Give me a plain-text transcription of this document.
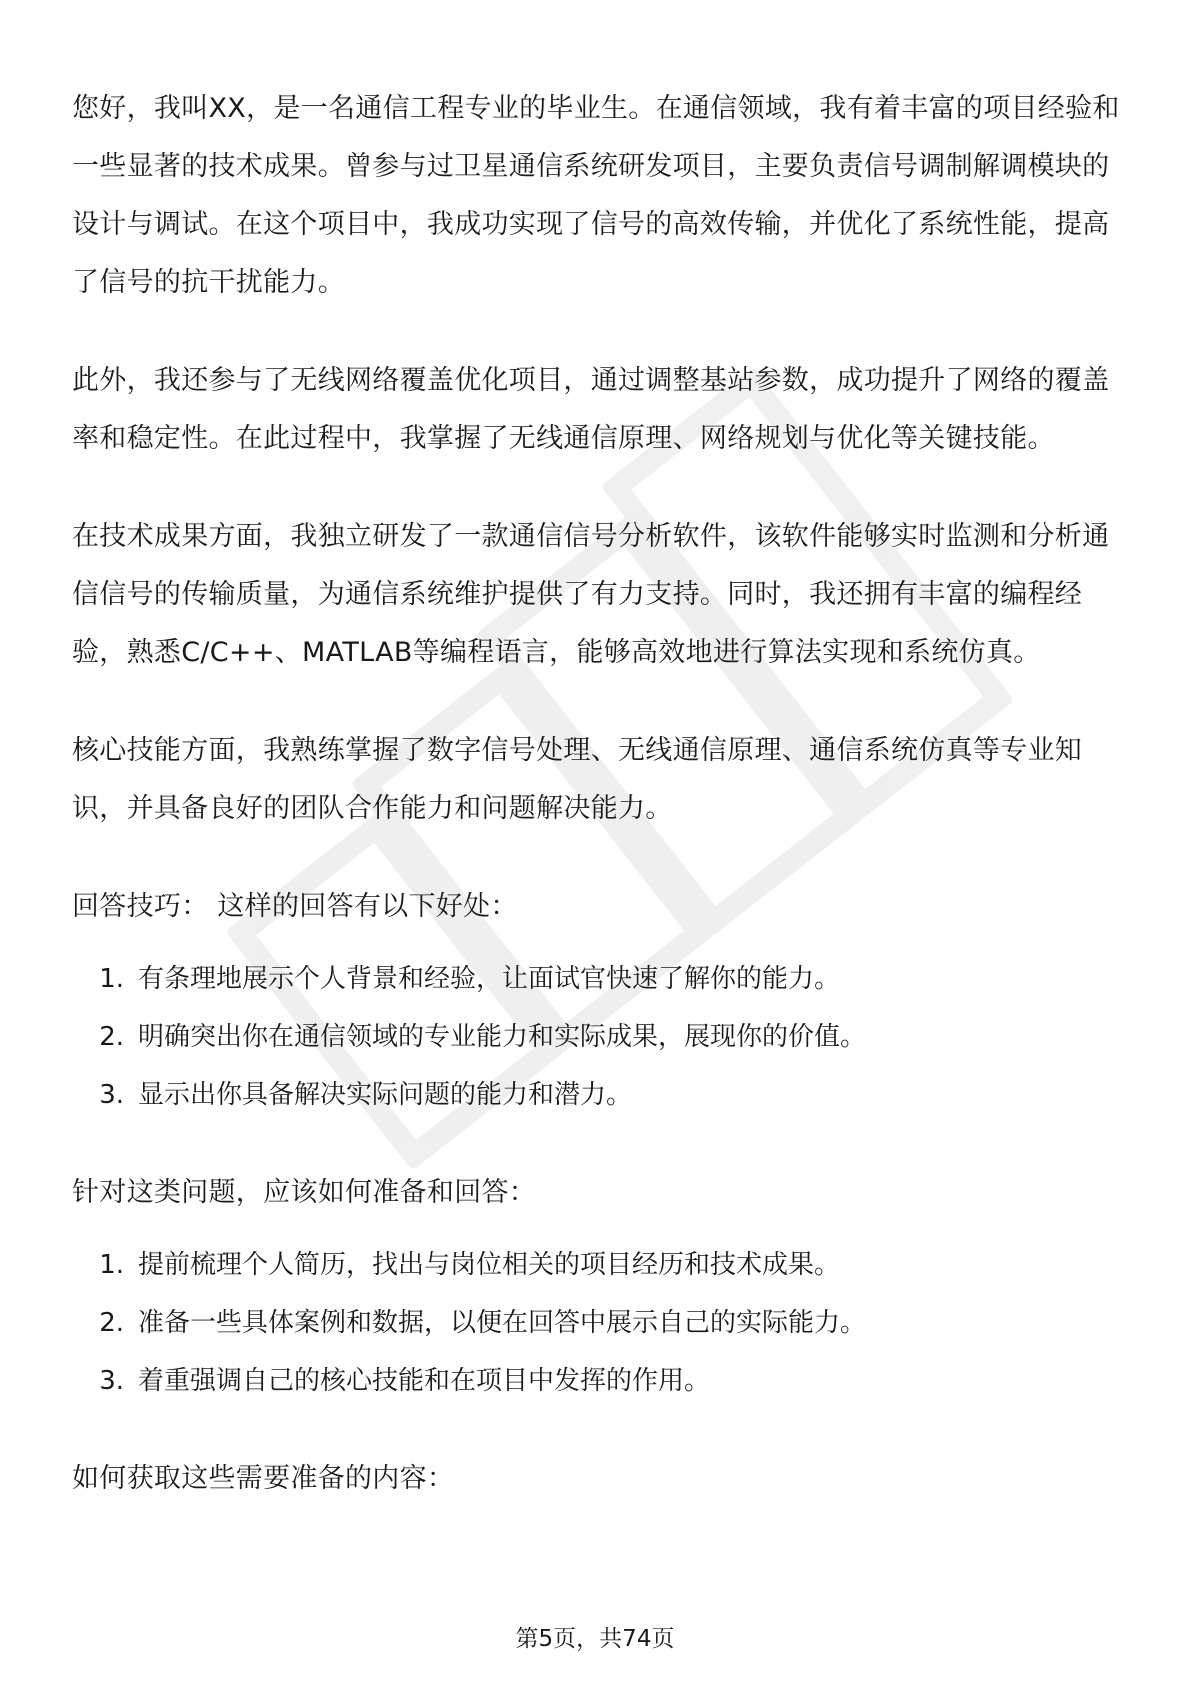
您好，我叫XX，是一名通信工程专业的毕业生。在通信领域，我有着丰富的项目经验和一些显著的技术成果。曾参与过卫星通信系统研发项目，主要负责信号调制解调模块的设计与调试。在这个项目中，我成功实现了信号的高效传输，并优化了系统性能，提高了信号的抗干扰能力。

此外，我还参与了无线网络覆盖优化项目，通过调整基站参数，成功提升了网络的覆盖率和稳定性。在此过程中，我掌握了无线通信原理、网络规划与优化等关键技能。

在技术成果方面，我独立研发了一款通信信号分析软件，该软件能够实时监测和分析通信信号的传输质量，为通信系统维护提供了有力支持。同时，我还拥有丰富的编程经验，熟悉C/C++、MATLAB等编程语言，能够高效地进行算法实现和系统仿真。

核心技能方面，我熟练掌握了数字信号处理、无线通信原理、通信系统仿真等专业知识，并具备良好的团队合作能力和问题解决能力。

回答技巧： 这样的回答有以下好处：

1. 有条理地展示个人背景和经验，让面试官快速了解你的能力。
2. 明确突出你在通信领域的专业能力和实际成果，展现你的价值。
3. 显示出你具备解决实际问题的能力和潜力。

针对这类问题，应该如何准备和回答：

1. 提前梳理个人简历，找出与岗位相关的项目经历和技术成果。
2. 准备一些具体案例和数据，以便在回答中展示自己的实际能力。
3. 着重强调自己的核心技能和在项目中发挥的作用。

如何获取这些需要准备的内容：

第5页，共74页
